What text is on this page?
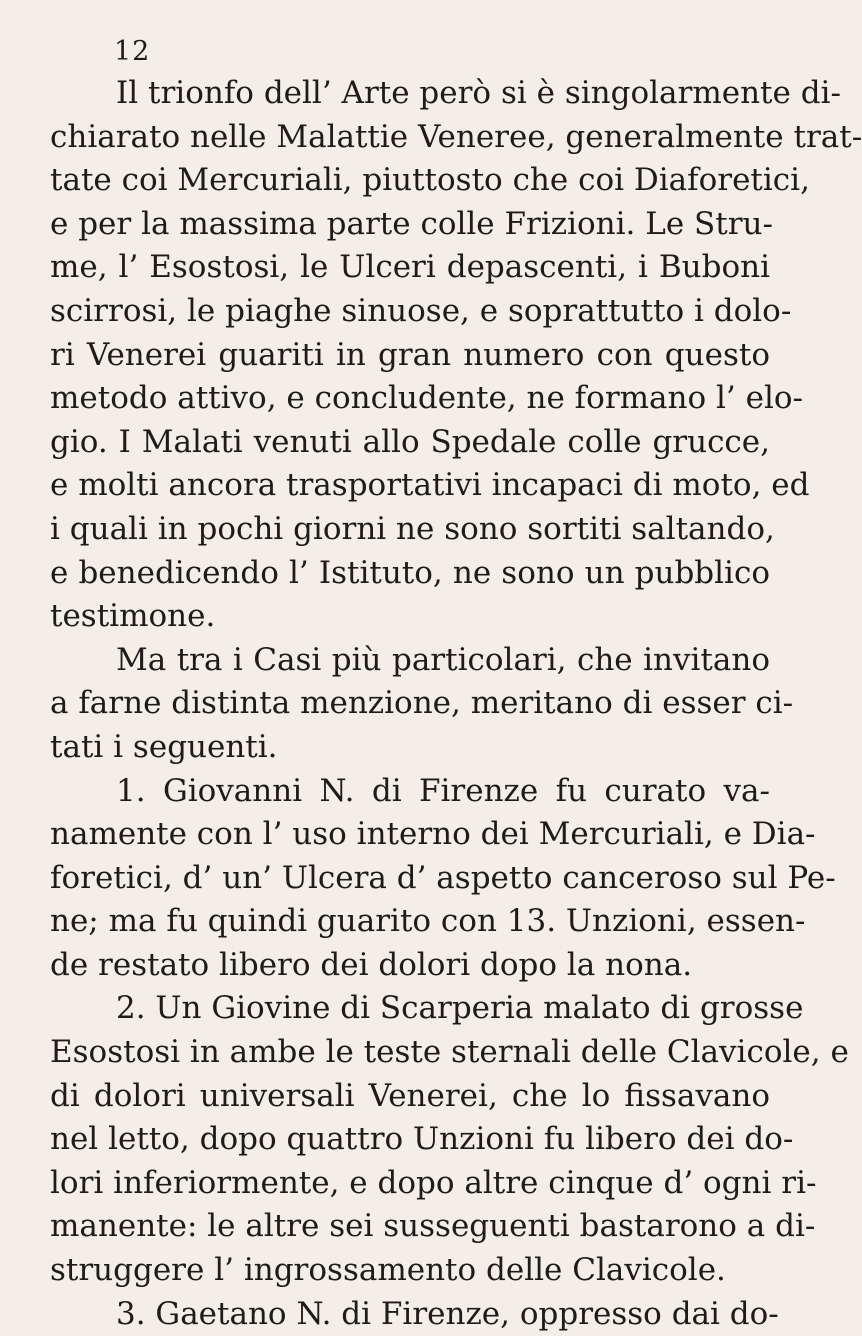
12
Il trionfo dell’ Arte però si è singolarmente di-
chiarato nelle Malattie Veneree, generalmente trat-
tate coi Mercuriali, piuttosto che coi Diaforetici,
e per la massima parte colle Frizioni. Le Stru-
me, l’ Esostosi, le Ulceri depascenti, i Buboni
scirrosi, le piaghe sinuose, e soprattutto i dolo-
ri Venerei guariti in gran numero con questo
metodo attivo, e concludente, ne formano l’ elo-
gio. I Malati venuti allo Spedale colle grucce,
e molti ancora trasportativi incapaci di moto, ed
i quali in pochi giorni ne sono sortiti saltando,
e benedicendo l’ Istituto, ne sono un pubblico
testimone.
Ma tra i Casi più particolari, che invitano
a farne distinta menzione, meritano di esser ci-
tati i seguenti.
1. Giovanni N. di Firenze fu curato va-
namente con l’ uso interno dei Mercuriali, e Dia-
foretici, d’ un’ Ulcera d’ aspetto canceroso sul Pe-
ne; ma fu quindi guarito con 13. Unzioni, essen-
de restato libero dei dolori dopo la nona.
2. Un Giovine di Scarperia malato di grosse
Esostosi in ambe le teste sternali delle Clavicole, e
di dolori universali Venerei, che lo fissavano
nel letto, dopo quattro Unzioni fu libero dei do-
lori inferiormente, e dopo altre cinque d’ ogni ri-
manente: le altre sei susseguenti bastarono a di-
struggere l’ ingrossamento delle Clavicole.
3. Gaetano N. di Firenze, oppresso dai do-
